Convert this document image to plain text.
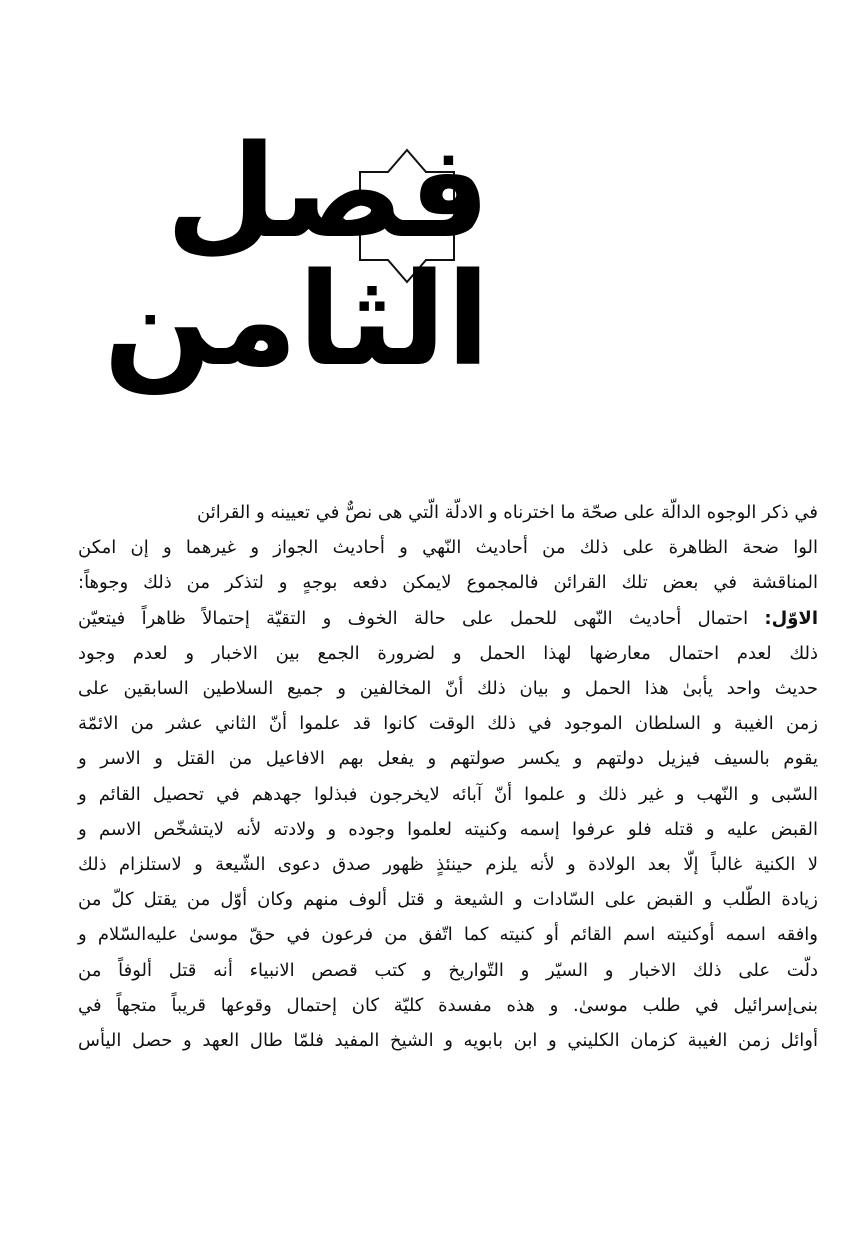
فصل الثامن
في ذكر الوجوه الدالّة على صحّة ما اخترناه و الادلّة الّتي هى نصٌّ في تعيينه و القرائن
الوا ضحة الظاهرة على ذلك من أحاديث النّهي و أحاديث الجواز و غيرهما و إن امكن
المناقشة في بعض تلك القرائن فالمجموع لايمكن دفعه بوجهٍ و لتذكر من ذلك وجوهاً:
الاوّل: احتمال أحاديث النّهى للحمل على حالة الخوف و التقيّة إحتمالاً ظاهراً فيتعيّن
ذلك لعدم احتمال معارضها لهذا الحمل و لضرورة الجمع بين الاخبار و لعدم وجود
حديث واحد يأبىٰ هذا الحمل و بيان ذلك أنّ المخالفين و جميع السلاطين السابقين على
زمن الغيبة و السلطان الموجود في ذلك الوقت كانوا قد علموا أنّ الثاني عشر من الائمّة
يقوم بالسيف فيزيل دولتهم و يكسر صولتهم و يفعل بهم الافاعيل من القتل و الاسر و
السّبى و النّهب و غير ذلك و علموا أنّ آبائه لايخرجون فبذلوا جهدهم في تحصيل القائم و
القبض عليه و قتله فلو عرفوا إسمه وكنيته لعلموا وجوده و ولادته لأنه لايتشخّص الاسم و
لا الكنية غالباً إلّا بعد الولادة و لأنه يلزم حينئذٍ ظهور صدق دعوى الشّيعة و لاستلزام ذلك
زيادة الطّلب و القبض على السّادات و الشيعة و قتل ألوف منهم وكان أوّل من يقتل كلّ من
وافقه اسمه أوكنيته اسم القائم أو كنيته كما اتّفق من فرعون في حقّ موسىٰ عليه‌السّلام و
دلّت على ذلك الاخبار و السيّر و التّواريخ و كتب قصص الانبياء أنه قتل ألوفاً من
بنى‌إسرائيل في طلب موسىٰ. و هذه مفسدة كليّة كان إحتمال وقوعها قريباً متجهاً في
أوائل زمن الغيبة كزمان الكليني و ابن بابويه و الشيخ المفيد فلمّا طال العهد و حصل اليأس
